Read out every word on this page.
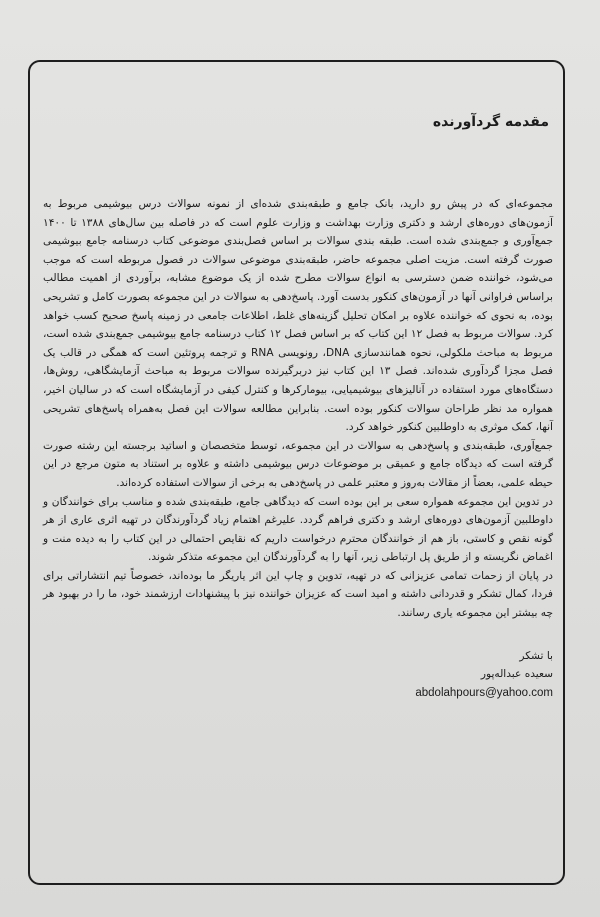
مقدمه گردآورنده

مجموعه‌ای که در پیش رو دارید، بانک جامع و طبقه‌بندی شده‌ای از نمونه سوالات درس بیوشیمی مربوط به آزمون‌های دوره‌های ارشد و دکتری وزارت بهداشت و وزارت علوم است که در فاصله بین سال‌های ۱۳۸۸ تا ۱۴۰۰ جمع‌آوری و جمع‌بندی شده است. طبقه بندی سوالات بر اساس فصل‌بندی موضوعی کتاب درسنامه جامع بیوشیمی صورت گرفته است. مزیت اصلی مجموعه حاضر، طبقه‌بندی موضوعی سوالات در فصول مربوطه است که موجب می‌شود، خواننده ضمن دسترسی به انواع سوالات مطرح شده از یک موضوع مشابه، برآوردی از اهمیت مطالب براساس فراوانی آنها در آزمون‌های کنکور بدست آورد. پاسخ‌دهی به سوالات در این مجموعه بصورت کامل و تشریحی بوده، به نحوی که خواننده علاوه بر امکان تحلیل گزینه‌های غلط، اطلاعات جامعی در زمینه پاسخ صحیح کسب خواهد کرد. سوالات مربوط به فصل ۱۲ این کتاب که بر اساس فصل ۱۲ کتاب درسنامه جامع بیوشیمی جمع‌بندی شده است، مربوط به مباحث ملکولی، نحوه همانندسازی DNA، رونویسی RNA و ترجمه پروتئین است که همگی در قالب یک فصل مجزا گردآوری شده‌اند. فصل ۱۳ این کتاب نیز دربرگیرنده سوالات مربوط به مباحث آزمایشگاهی، روش‌ها، دستگاه‌های مورد استفاده در آنالیزهای بیوشیمیایی، بیومارکرها و کنترل کیفی در آزمایشگاه است که در سالیان اخیر، همواره مد نظر طراحان سوالات کنکور بوده است. بنابراین مطالعه سوالات این فصل به‌همراه پاسخ‌های تشریحی آنها، کمک موثری به داوطلبین کنکور خواهد کرد.

جمع‌آوری، طبقه‌بندی و پاسخ‌دهی به سوالات در این مجموعه، توسط متخصصان و اساتید برجسته این رشته صورت گرفته است که دیدگاه جامع و عمیقی بر موضوعات درس بیوشیمی داشته و علاوه بر استناد به متون مرجع در این حیطه علمی، بعضاً از مقالات به‌روز و معتبر علمی در پاسخ‌دهی به برخی از سوالات استفاده کرده‌اند.

در تدوین این مجموعه همواره سعی بر این بوده است که دیدگاهی جامع، طبقه‌بندی شده و مناسب برای خوانندگان و داوطلبین آزمون‌های دوره‌های ارشد و دکتری فراهم گردد. علیرغم اهتمام زیاد گردآورندگان در تهیه اثری عاری از هر گونه نقص و کاستی، باز هم از خوانندگان محترم درخواست داریم که نقایص احتمالی در این کتاب را به دیده منت و اغماض نگریسته و از طریق پل ارتباطی زیر، آنها را به گردآورندگان این مجموعه متذکر شوند.

در پایان از زحمات تمامی عزیزانی که در تهیه، تدوین و چاپ این اثر یاریگر ما بوده‌اند، خصوصاً تیم انتشاراتی برای فردا، کمال تشکر و قدردانی داشته و امید است که عزیزان خواننده نیز با پیشنهادات ارزشمند خود، ما را در بهبود هر چه بیشتر این مجموعه یاری رسانند.

با تشکر
سعیده عبداله‌پور
abdolahpours@yahoo.com
